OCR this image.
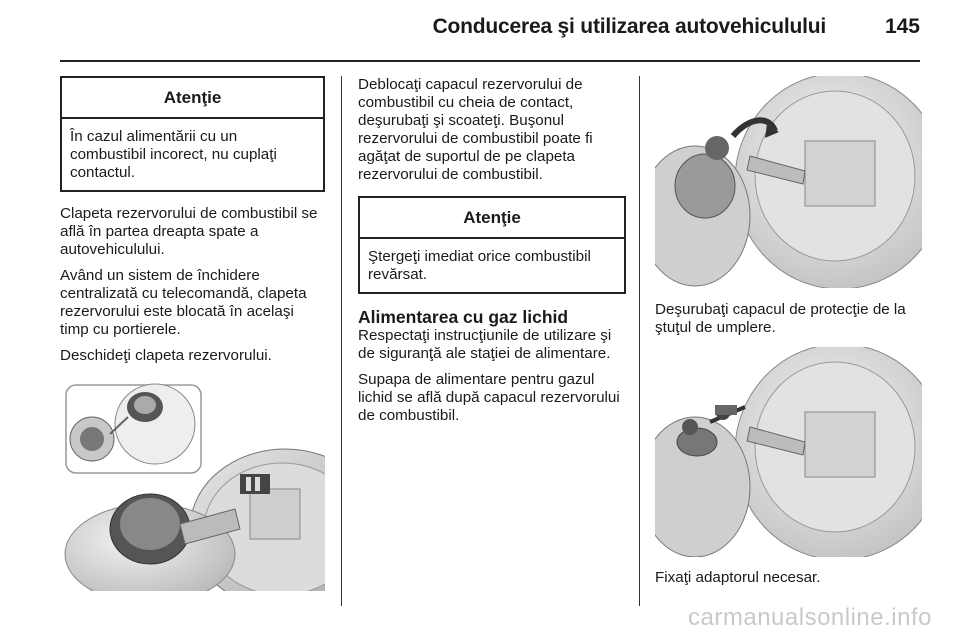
Conducerea şi utilizarea autovehiculului	145
Atenţie
În cazul alimentării cu un combustibil incorect, nu cuplaţi contactul.

Clapeta rezervorului de combustibil se află în partea dreapta spate a autovehiculului.

Având un sistem de închidere centralizată cu telecomandă, clapeta rezervorului este blocată în acelaşi timp cu portierele.

Deschideţi clapeta rezervorului.

Deblocaţi capacul rezervorului de combustibil cu cheia de contact, deşurubaţi şi scoateţi. Buşonul rezervorului de combustibil poate fi agăţat de suportul de pe clapeta rezervorului de combustibil.

Atenţie
Ştergeţi imediat orice combustibil revărsat.
Alimentarea cu gaz lichid

Respectaţi instrucţiunile de utilizare şi de siguranţă ale staţiei de alimentare.

Supapa de alimentare pentru gazul lichid se află după capacul rezervorului de combustibil.

Deşurubaţi capacul de protecţie de la ştuţul de umplere.

Fixaţi adaptorul necesar.

carmanualsonline.info
